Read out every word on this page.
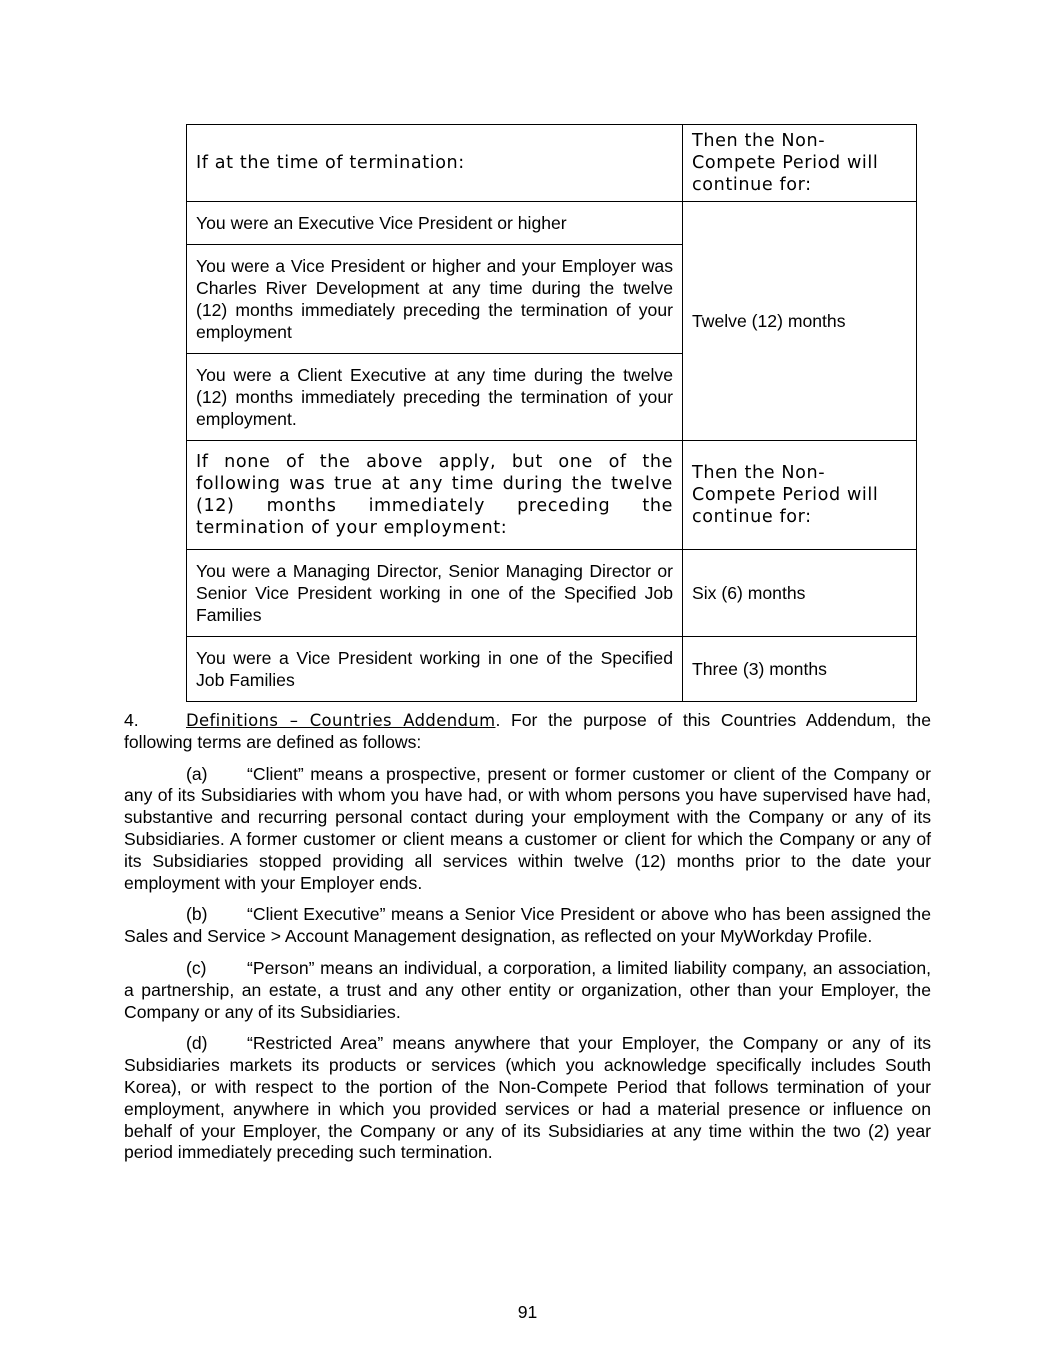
If at the time of termination:	Then the Non-Compete Period will continue for:
You were an Executive Vice President or higher	Twelve (12) months
You were a Vice President or higher and your Employer was Charles River Development at any time during the twelve (12) months immediately preceding the termination of your employment	
You were a Client Executive at any time during the twelve (12) months immediately preceding the termination of your employment.	
If none of the above apply, but one of the following was true at any time during the twelve (12) months immediately preceding the termination of your employment:	Then the Non-Compete Period will continue for:
You were a Managing Director, Senior Managing Director or Senior Vice President working in one of the Specified Job Families	Six (6) months
You were a Vice President working in one of the Specified Job Families	Three (3) months

4.	Definitions – Countries Addendum. For the purpose of this Countries Addendum, the following terms are defined as follows:

(a) “Client” means a prospective, present or former customer or client of the Company or any of its Subsidiaries with whom you have had, or with whom persons you have supervised have had, substantive and recurring personal contact during your employment with the Company or any of its Subsidiaries. A former customer or client means a customer or client for which the Company or any of its Subsidiaries stopped providing all services within twelve (12) months prior to the date your employment with your Employer ends.

(b) “Client Executive” means a Senior Vice President or above who has been assigned the Sales and Service > Account Management designation, as reflected on your MyWorkday Profile.

(c) “Person” means an individual, a corporation, a limited liability company, an association, a partnership, an estate, a trust and any other entity or organization, other than your Employer, the Company or any of its Subsidiaries.

(d) “Restricted Area” means anywhere that your Employer, the Company or any of its Subsidiaries markets its products or services (which you acknowledge specifically includes South Korea), or with respect to the portion of the Non-Compete Period that follows termination of your employment, anywhere in which you provided services or had a material presence or influence on behalf of your Employer, the Company or any of its Subsidiaries at any time within the two (2) year period immediately preceding such termination.

91
